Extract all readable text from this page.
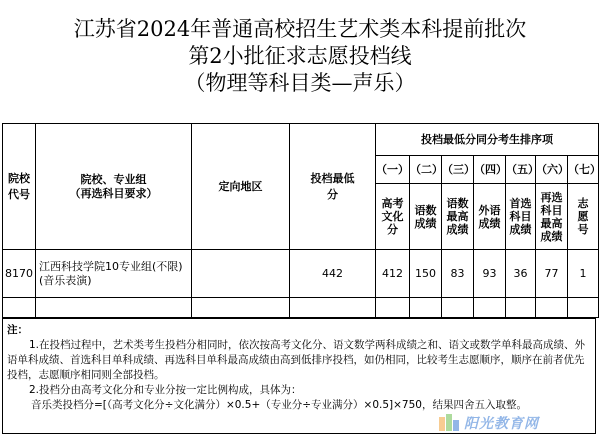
江苏省2024年普通高校招生艺术类本科提前批次
第2小批征求志愿投档线
（物理等科目类—声乐）
院校代号	院校、专业组
（再选科目要求）	定向地区	投档最低分	投档最低分同分考生排序项						
				（一）	（二）	（三）	（四）	（五）	（六）	（七）

				高考文化分	语数成绩	语数最高成绩	外语成绩	首选科目成绩	再选科目最高成绩	志愿号

8170	江西科技学院10专业组(不限)(音乐表演)		442	412	150	83	93	36	77	1

注：

1.在投档过程中，艺术类考生投档分相同时，依次按高考文化分、语文数学两科成绩之和、语文或数学单科最高成绩、外语单科成绩、首选科目单科成绩、再选科目单科最高成绩由高到低排序投档，如仍相同，比较考生志愿顺序，顺序在前者优先投档，志愿顺序相同则全部投档。

2.投档分由高考文化分和专业分按一定比例构成，具体为：

音乐类投档分=[（高考文化分÷文化满分）×0.5+（专业分÷专业满分）×0.5]×750，结果四舍五入取整。

阳光教育网
